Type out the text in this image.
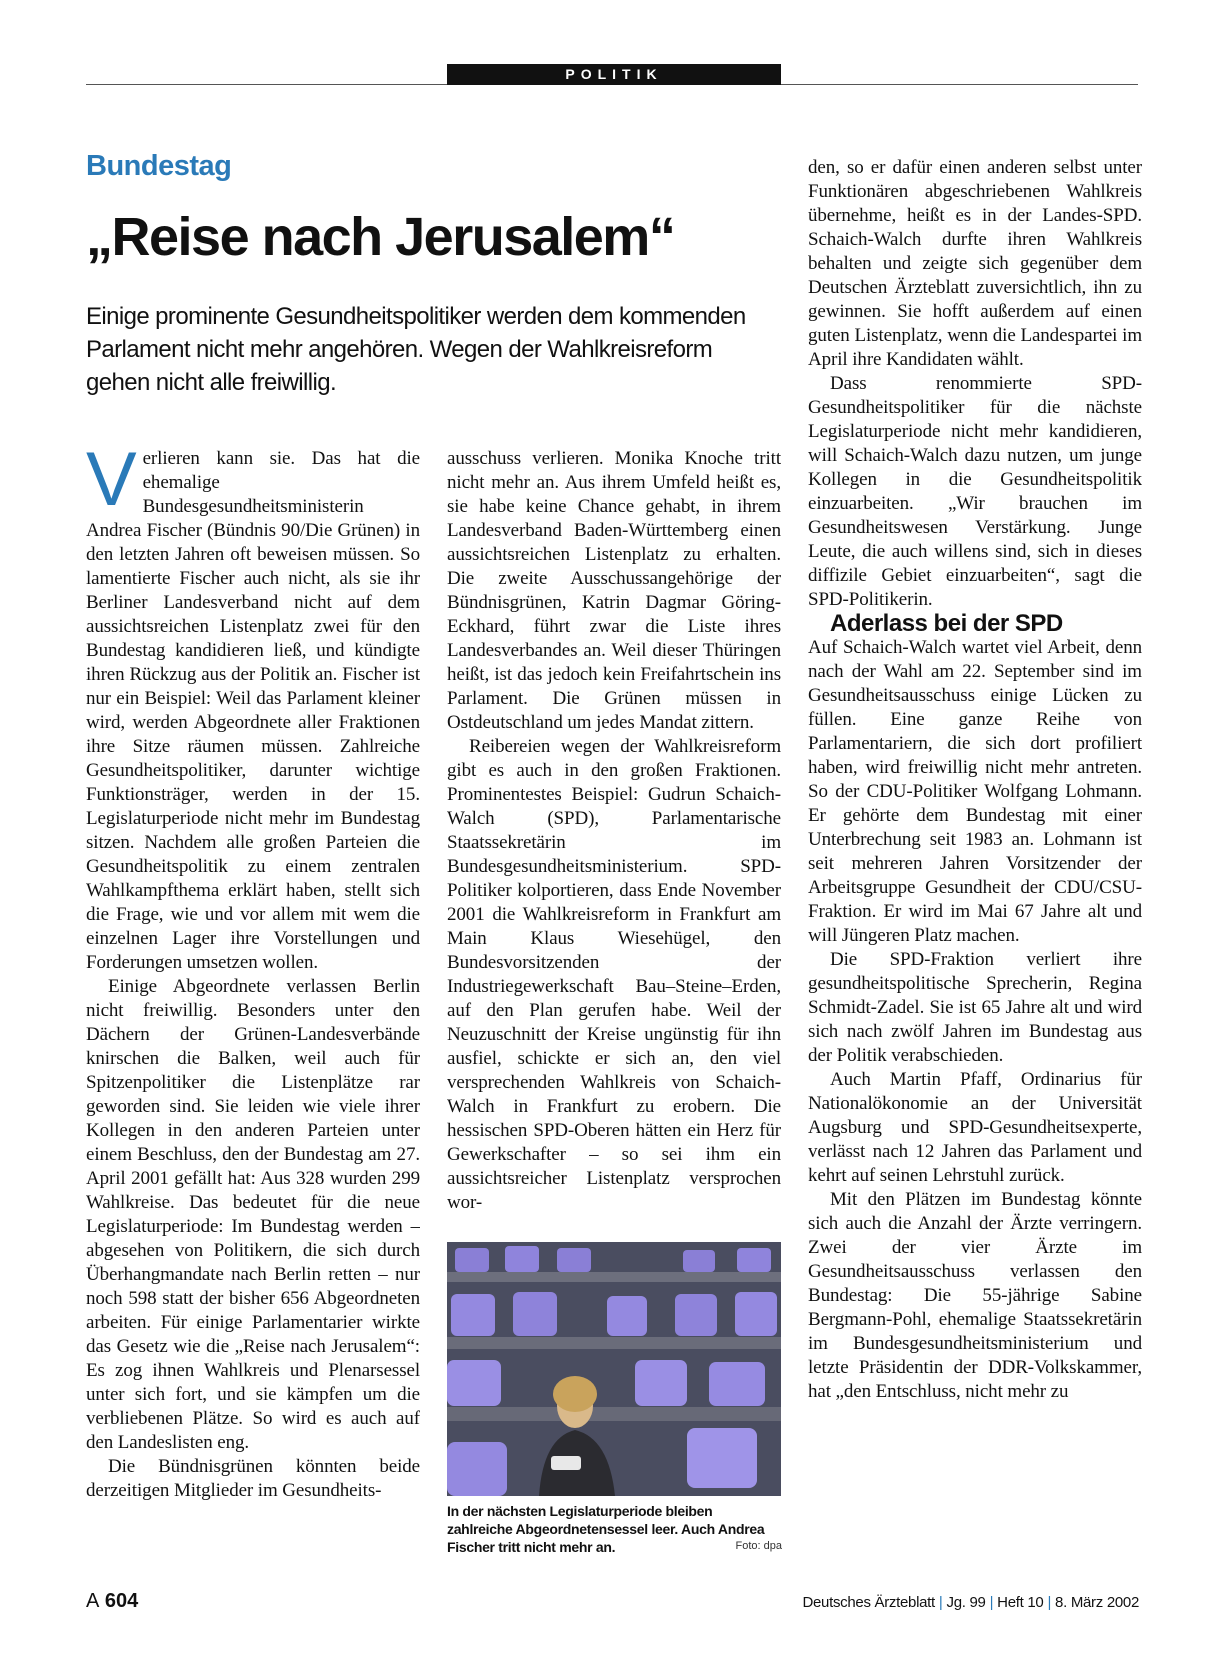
POLITIK
Bundestag
„Reise nach Jerusalem“
Einige prominente Gesundheitspolitiker werden dem kommenden Parlament nicht mehr angehören. Wegen der Wahlkreisreform gehen nicht alle freiwillig.

Verlieren kann sie. Das hat die ehemalige Bundesgesundheitsministerin Andrea Fischer (Bündnis 90/Die Grünen) in den letzten Jahren oft beweisen müssen. So lamentierte Fischer auch nicht, als sie ihr Berliner Landesverband nicht auf dem aussichtsreichen Listenplatz zwei für den Bundestag kandidieren ließ, und kündigte ihren Rückzug aus der Politik an. Fischer ist nur ein Beispiel: Weil das Parlament kleiner wird, werden Abgeordnete aller Fraktionen ihre Sitze räumen müssen. Zahlreiche Gesundheitspolitiker, darunter wichtige Funktionsträger, werden in der 15. Legislaturperiode nicht mehr im Bundestag sitzen. Nachdem alle großen Parteien die Gesundheitspolitik zu einem zentralen Wahlkampfthema erklärt haben, stellt sich die Frage, wie und vor allem mit wem die einzelnen Lager ihre Vorstellungen und Forderungen umsetzen wollen.

Einige Abgeordnete verlassen Berlin nicht freiwillig. Besonders unter den Dächern der Grünen-Landesverbände knirschen die Balken, weil auch für Spitzenpolitiker die Listenplätze rar geworden sind. Sie leiden wie viele ihrer Kollegen in den anderen Parteien unter einem Beschluss, den der Bundestag am 27. April 2001 gefällt hat: Aus 328 wurden 299 Wahlkreise. Das bedeutet für die neue Legislaturperiode: Im Bundestag werden – abgesehen von Politikern, die sich durch Überhangmandate nach Berlin retten – nur noch 598 statt der bisher 656 Abgeordneten arbeiten. Für einige Parlamentarier wirkte das Gesetz wie die „Reise nach Jerusalem“: Es zog ihnen Wahlkreis und Plenarsessel unter sich fort, und sie kämpfen um die verbliebenen Plätze. So wird es auch auf den Landeslisten eng.

Die Bündnisgrünen könnten beide derzeitigen Mitglieder im Gesundheits-

ausschuss verlieren. Monika Knoche tritt nicht mehr an. Aus ihrem Umfeld heißt es, sie habe keine Chance gehabt, in ihrem Landesverband Baden-Württemberg einen aussichtsreichen Listenplatz zu erhalten. Die zweite Ausschussangehörige der Bündnisgrünen, Katrin Dagmar Göring-Eckhard, führt zwar die Liste ihres Landesverbandes an. Weil dieser Thüringen heißt, ist das jedoch kein Freifahrtschein ins Parlament. Die Grünen müssen in Ostdeutschland um jedes Mandat zittern.

Reibereien wegen der Wahlkreisreform gibt es auch in den großen Fraktionen. Prominentestes Beispiel: Gudrun Schaich-Walch (SPD), Parlamentarische Staatssekretärin im Bundesgesundheitsministerium. SPD-Politiker kolportieren, dass Ende November 2001 die Wahlkreisreform in Frankfurt am Main Klaus Wiesehügel, den Bundesvorsitzenden der Industriegewerkschaft Bau–Steine–Erden, auf den Plan gerufen habe. Weil der Neuzuschnitt der Kreise ungünstig für ihn ausfiel, schickte er sich an, den viel versprechenden Wahlkreis von Schaich-Walch in Frankfurt zu erobern. Die hessischen SPD-Oberen hätten ein Herz für Gewerkschafter – so sei ihm ein aussichtsreicher Listenplatz versprochen wor-

In der nächsten Legislaturperiode bleiben zahlreiche Abgeordnetensessel leer. Auch Andrea Fischer tritt nicht mehr an.	Foto: dpa

den, so er dafür einen anderen selbst unter Funktionären abgeschriebenen Wahlkreis übernehme, heißt es in der Landes-SPD. Schaich-Walch durfte ihren Wahlkreis behalten und zeigte sich gegenüber dem Deutschen Ärzteblatt zuversichtlich, ihn zu gewinnen. Sie hofft außerdem auf einen guten Listenplatz, wenn die Landespartei im April ihre Kandidaten wählt.

Dass renommierte SPD-Gesundheitspolitiker für die nächste Legislaturperiode nicht mehr kandidieren, will Schaich-Walch dazu nutzen, um junge Kollegen in die Gesundheitspolitik einzuarbeiten. „Wir brauchen im Gesundheitswesen Verstärkung. Junge Leute, die auch willens sind, sich in dieses diffizile Gebiet einzuarbeiten“, sagt die SPD-Politikerin.

Aderlass bei der SPD

Auf Schaich-Walch wartet viel Arbeit, denn nach der Wahl am 22. September sind im Gesundheitsausschuss einige Lücken zu füllen. Eine ganze Reihe von Parlamentariern, die sich dort profiliert haben, wird freiwillig nicht mehr antreten. So der CDU-Politiker Wolfgang Lohmann. Er gehörte dem Bundestag mit einer Unterbrechung seit 1983 an. Lohmann ist seit mehreren Jahren Vorsitzender der Arbeitsgruppe Gesundheit der CDU/CSU-Fraktion. Er wird im Mai 67 Jahre alt und will Jüngeren Platz machen.

Die SPD-Fraktion verliert ihre gesundheitspolitische Sprecherin, Regina Schmidt-Zadel. Sie ist 65 Jahre alt und wird sich nach zwölf Jahren im Bundestag aus der Politik verabschieden.

Auch Martin Pfaff, Ordinarius für Nationalökonomie an der Universität Augsburg und SPD-Gesundheitsexperte, verlässt nach 12 Jahren das Parlament und kehrt auf seinen Lehrstuhl zurück.

Mit den Plätzen im Bundestag könnte sich auch die Anzahl der Ärzte verringern. Zwei der vier Ärzte im Gesundheitsausschuss verlassen den Bundestag: Die 55-jährige Sabine Bergmann-Pohl, ehemalige Staatssekretärin im Bundesgesundheitsministerium und letzte Präsidentin der DDR-Volkskammer, hat „den Entschluss, nicht mehr zu

A 604	Deutsches Ärzteblatt | Jg. 99 | Heft 10 | 8. März 2002
